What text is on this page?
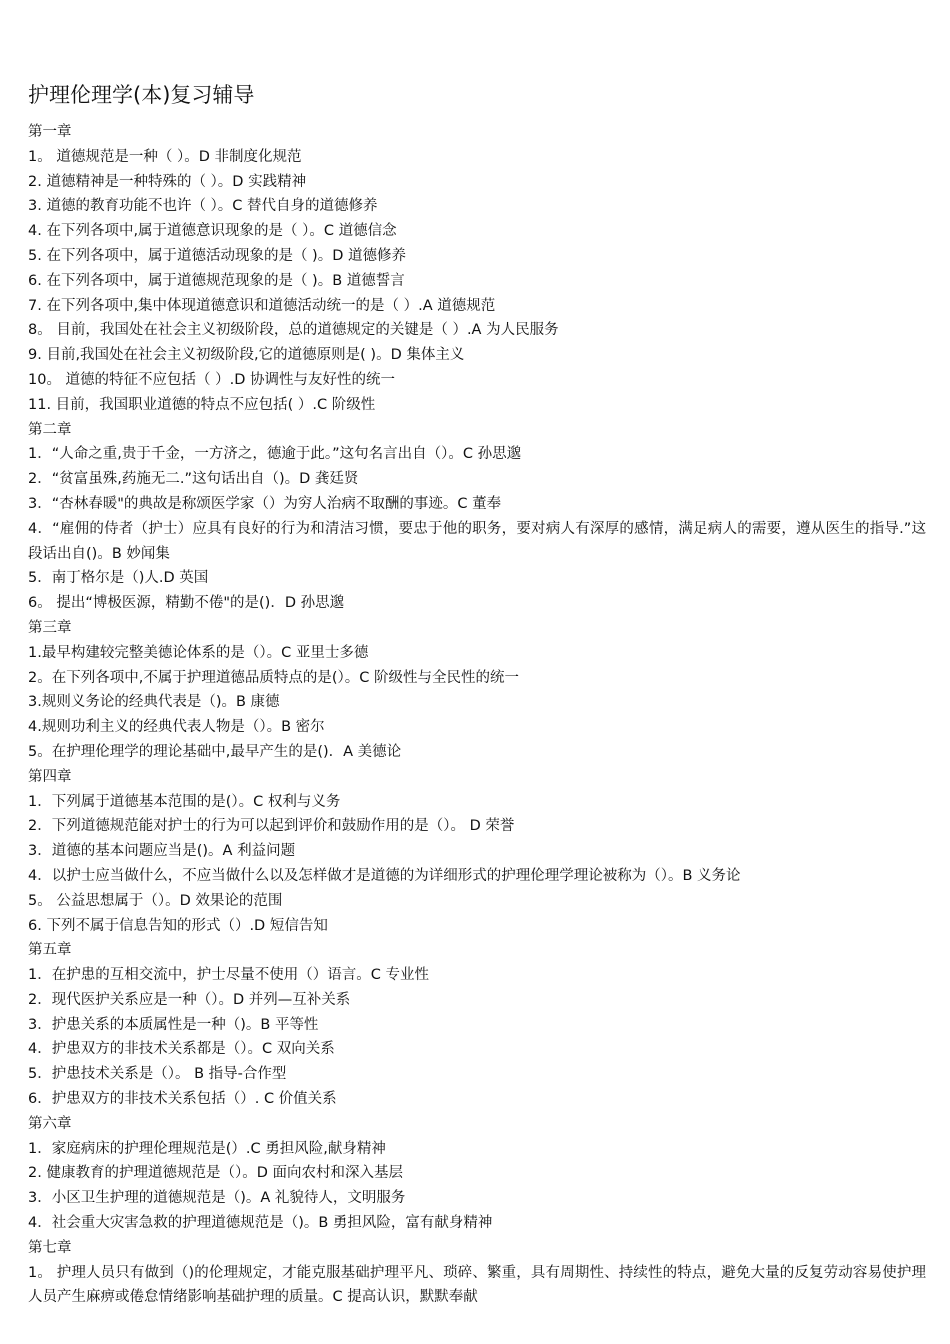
护理伦理学(本)复习辅导
第一章
1。 道德规范是一种（ ）。D 非制度化规范
2. 道德精神是一种特殊的（ ）。D 实践精神
3. 道德的教育功能不也许（ ）。C 替代自身的道德修养
4. 在下列各项中,属于道德意识现象的是（ ）。C 道德信念
5. 在下列各项中，属于道德活动现象的是（ )。D 道德修养
6. 在下列各项中，属于道德规范现象的是（ )。B 道德誓言
7. 在下列各项中,集中体现道德意识和道德活动统一的是（ ）.A 道德规范
8。 目前，我国处在社会主义初级阶段，总的道德规定的关键是（ ）.A 为人民服务
9. 目前,我国处在社会主义初级阶段,它的道德原则是( )。D 集体主义
10。 道德的特征不应包括（ ）.D 协调性与友好性的统一
11. 目前，我国职业道德的特点不应包括( ）.C 阶级性
第二章
1．“人命之重,贵于千金，一方济之，德逾于此。”这句名言出自（）。C 孙思邈
2．“贫富虽殊,药施无二.”这句话出自（)。D 龚廷贤
3．“杏林春暖"的典故是称颂医学家（）为穷人治病不取酬的事迹。C 董奉
4．“雇佣的侍者（护士）应具有良好的行为和清洁习惯，要忠于他的职务，要对病人有深厚的感情，满足病人的需要，遵从医生的指导.”这段话出自()。B 妙闻集
5．南丁格尔是（)人.D 英国
6。 提出“博极医源，精勤不倦"的是()．D 孙思邈
第三章
1.最早构建较完整美德论体系的是（）。C 亚里士多德
2。在下列各项中,不属于护理道德品质特点的是(）。C 阶级性与全民性的统一
3.规则义务论的经典代表是（)。B 康德
4.规则功利主义的经典代表人物是（）。B 密尔
5。在护理伦理学的理论基础中,最早产生的是()．A 美德论
第四章
1．下列属于道德基本范围的是(）。C 权利与义务
2．下列道德规范能对护士的行为可以起到评价和鼓励作用的是（）。 D 荣誉
3．道德的基本问题应当是()。A 利益问题
4．以护士应当做什么，不应当做什么以及怎样做才是道德的为详细形式的护理伦理学理论被称为（）。B 义务论
5。 公益思想属于（）。D 效果论的范围
6. 下列不属于信息告知的形式（）.D 短信告知
第五章
1．在护患的互相交流中，护士尽量不使用（）语言。C 专业性
2．现代医护关系应是一种（）。D 并列—互补关系
3．护患关系的本质属性是一种（)。B 平等性
4．护患双方的非技术关系都是（）。C 双向关系
5．护患技术关系是（）。 B 指导-合作型
6．护患双方的非技术关系包括（）. C 价值关系
第六章
1．家庭病床的护理伦理规范是(）.C 勇担风险,献身精神
2. 健康教育的护理道德规范是（）。D 面向农村和深入基层
3．小区卫生护理的道德规范是（)。A 礼貌待人，文明服务
4．社会重大灾害急救的护理道德规范是（)。B 勇担风险，富有献身精神
第七章
1。 护理人员只有做到（)的伦理规定，才能克服基础护理平凡、琐碎、繁重，具有周期性、持续性的特点，避免大量的反复劳动容易使护理人员产生麻痹或倦怠情绪影响基础护理的质量。C 提高认识，默默奉献
